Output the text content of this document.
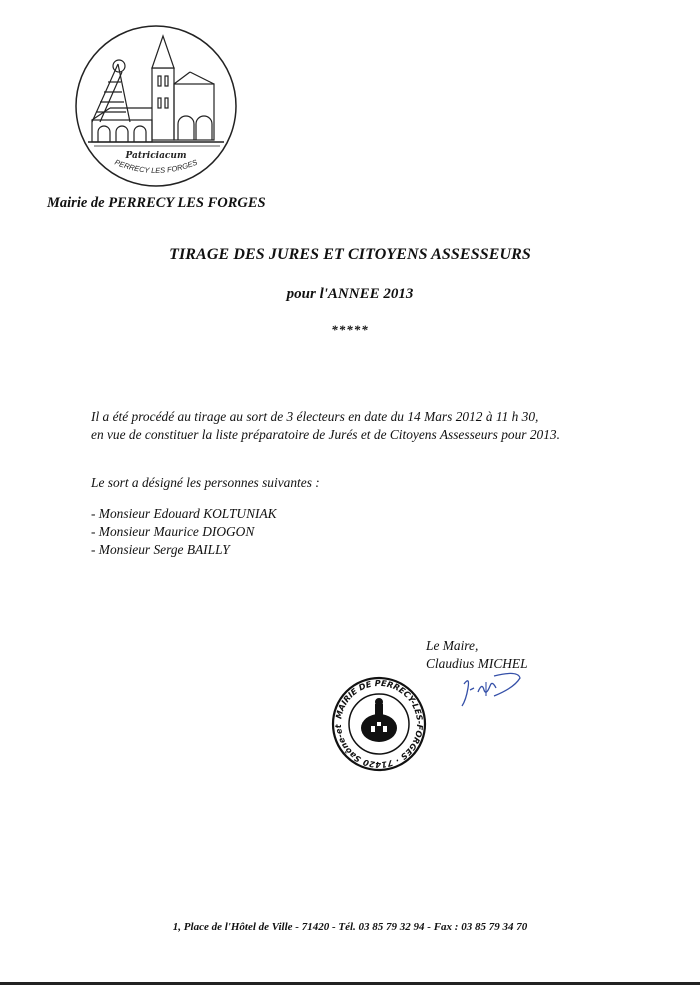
Patriciacum
PERRECY LES FORGES
Mairie de PERRECY LES FORGES
TIRAGE DES JURES ET CITOYENS ASSESSEURS
pour l'ANNEE 2013
*****
Il a été procédé au tirage au sort de 3 électeurs en date du 14 Mars 2012 à 11 h 30,
en vue de constituer la liste préparatoire de Jurés et de Citoyens Assesseurs pour 2013.
Le sort a désigné les personnes suivantes :
- Monsieur Edouard KOLTUNIAK
- Monsieur Maurice DIOGON
- Monsieur Serge BAILLY
Le Maire,
Claudius MICHEL
MAIRIE DE PERRECY-LES-FORGES · 71420 Saône-et
1, Place de l'Hôtel de Ville - 71420 - Tél. 03 85 79 32 94 - Fax : 03 85 79 34 70
